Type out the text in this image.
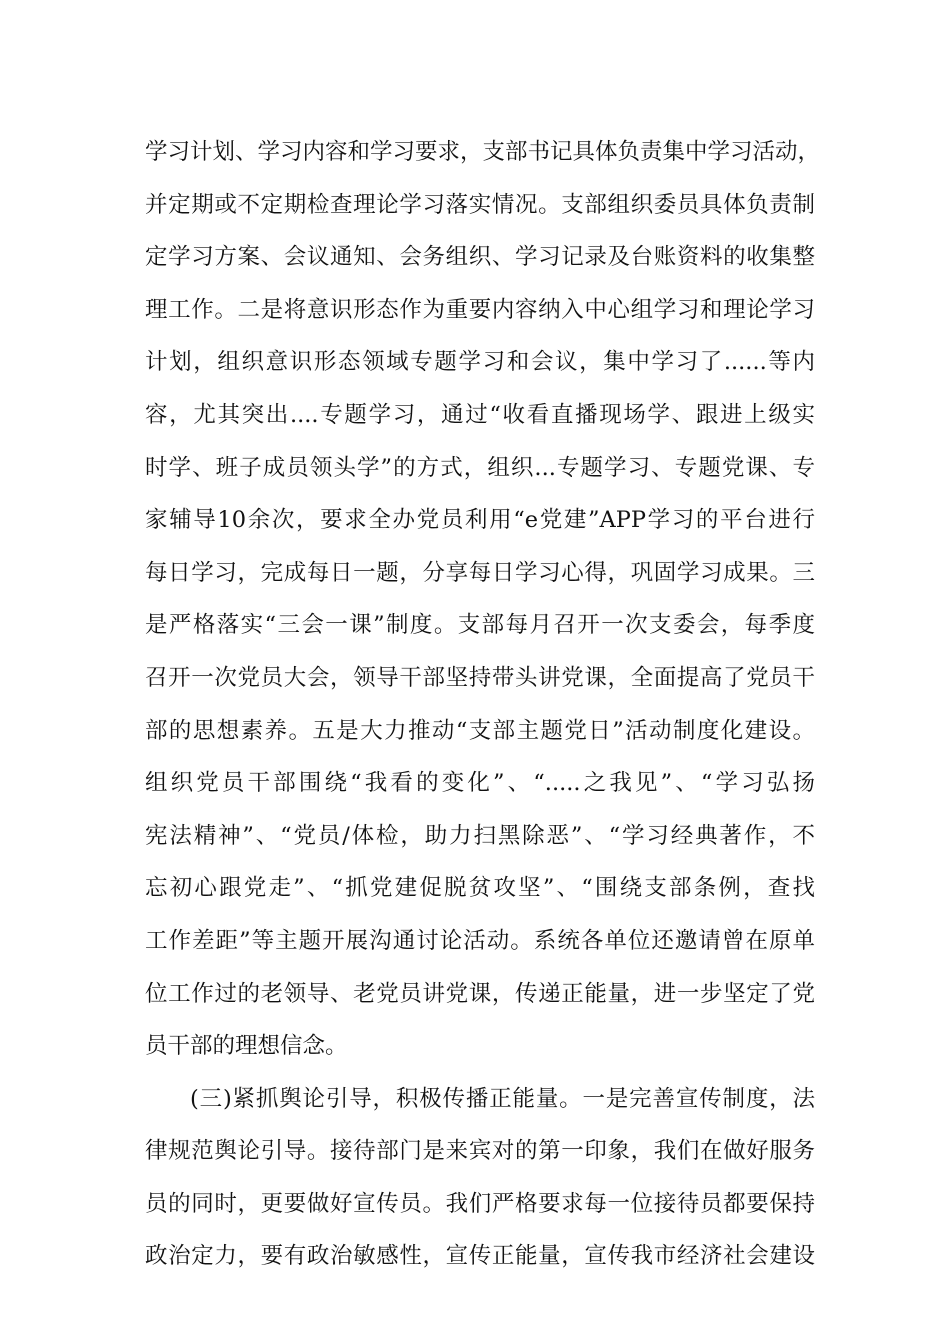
学习计划、学习内容和学习要求，支部书记具体负责集中学习活动，
并定期或不定期检查理论学习落实情况。支部组织委员具体负责制
定学习方案、会议通知、会务组织、学习记录及台账资料的收集整
理工作。二是将意识形态作为重要内容纳入中心组学习和理论学习
计划，组织意识形态领域专题学习和会议，集中学习了......等内
容，尤其突出....专题学习，通过“收看直播现场学、跟进上级实
时学、班子成员领头学”的方式，组织...专题学习、专题党课、专
家辅导10余次，要求全办党员利用“e党建”APP学习的平台进行
每日学习，完成每日一题，分享每日学习心得，巩固学习成果。三
是严格落实“三会一课”制度。支部每月召开一次支委会，每季度
召开一次党员大会，领导干部坚持带头讲党课，全面提高了党员干
部的思想素养。五是大力推动“支部主题党日”活动制度化建设。
组织党员干部围绕“我看的变化”、“.....之我见”、“学习弘扬
宪法精神”、“党员/体检，助力扫黑除恶”、“学习经典著作，不
忘初心跟党走”、“抓党建促脱贫攻坚”、“围绕支部条例，查找
工作差距”等主题开展沟通讨论活动。系统各单位还邀请曾在原单
位工作过的老领导、老党员讲党课，传递正能量，进一步坚定了党
员干部的理想信念。
(三)紧抓舆论引导，积极传播正能量。一是完善宣传制度，法
律规范舆论引导。接待部门是来宾对的第一印象，我们在做好服务
员的同时，更要做好宣传员。我们严格要求每一位接待员都要保持
政治定力，要有政治敏感性，宣传正能量，宣传我市经济社会建设
